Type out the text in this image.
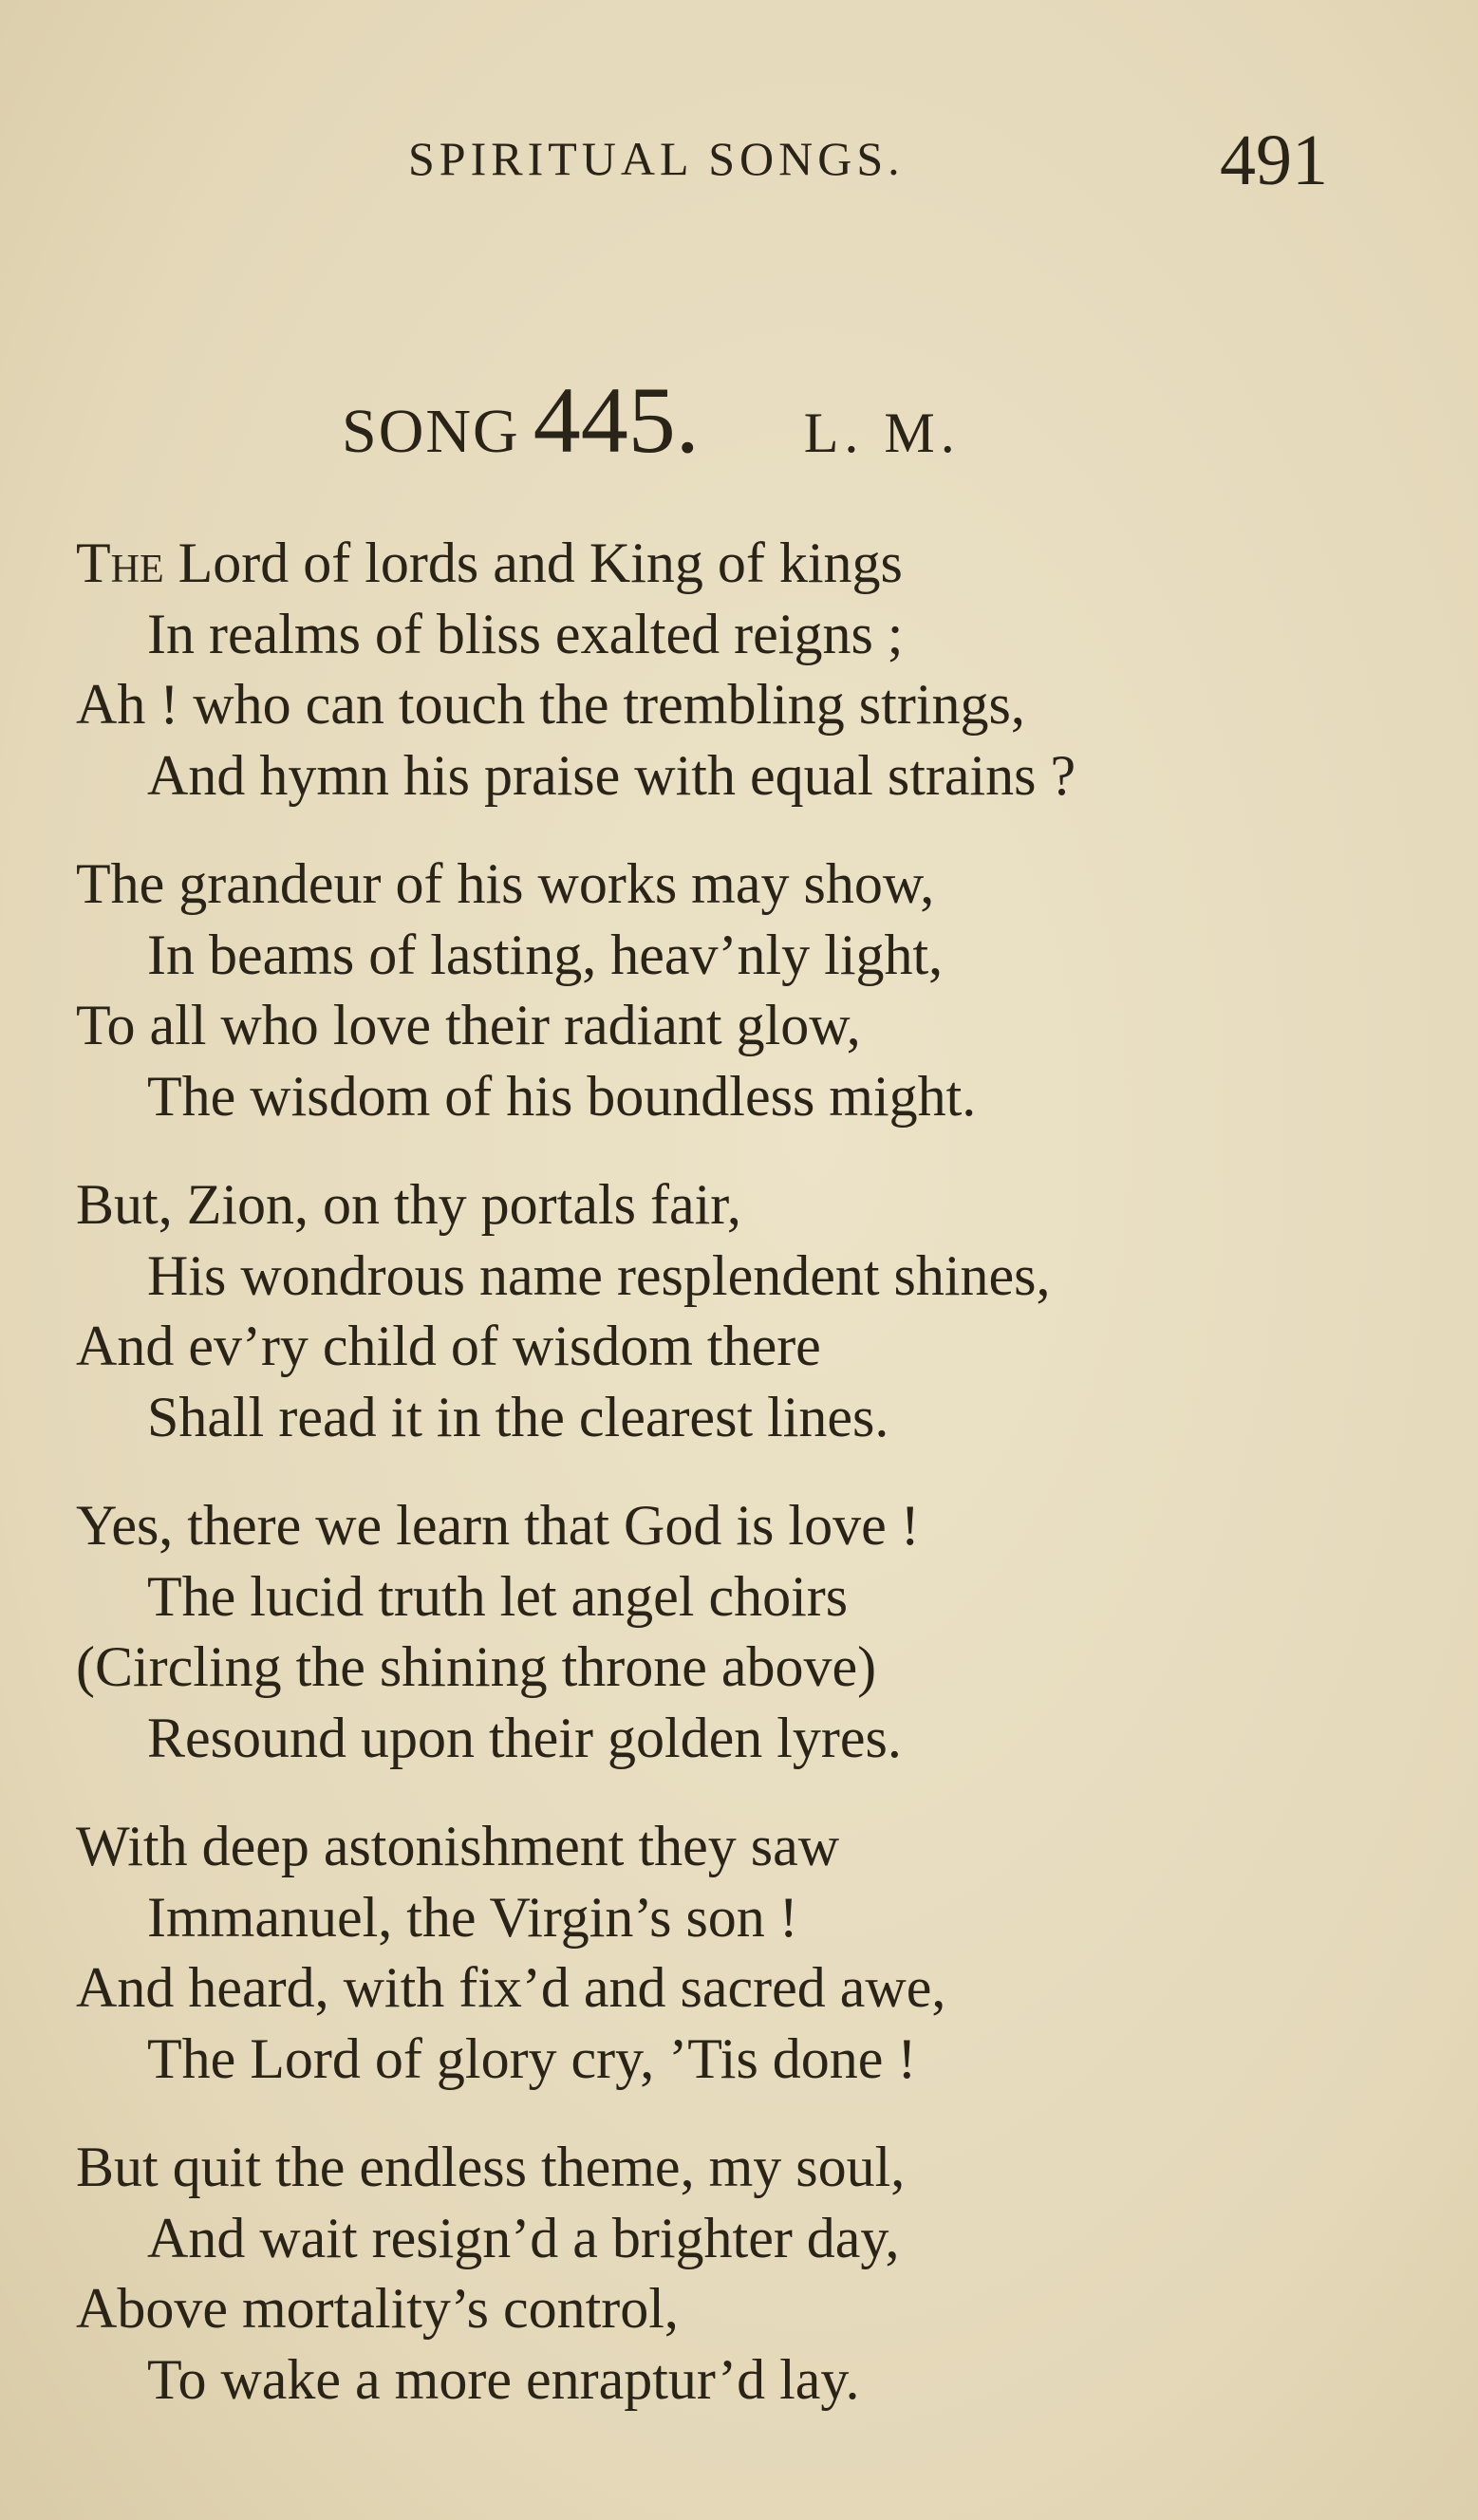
SPIRITUAL SONGS.	491
SONG 445. L. M.
The Lord of lords and King of kings
In realms of bliss exalted reigns ;
Ah ! who can touch the trembling strings,
And hymn his praise with equal strains ?
The grandeur of his works may show,
In beams of lasting, heav’nly light,
To all who love their radiant glow,
The wisdom of his boundless might.
But, Zion, on thy portals fair,
His wondrous name resplendent shines,
And ev’ry child of wisdom there
Shall read it in the clearest lines.
Yes, there we learn that God is love !
The lucid truth let angel choirs
(Circling the shining throne above)
Resound upon their golden lyres.
With deep astonishment they saw
Immanuel, the Virgin’s son !
And heard, with fix’d and sacred awe,
The Lord of glory cry, ’Tis done !
But quit the endless theme, my soul,
And wait resign’d a brighter day,
Above mortality’s control,
To wake a more enraptur’d lay.
